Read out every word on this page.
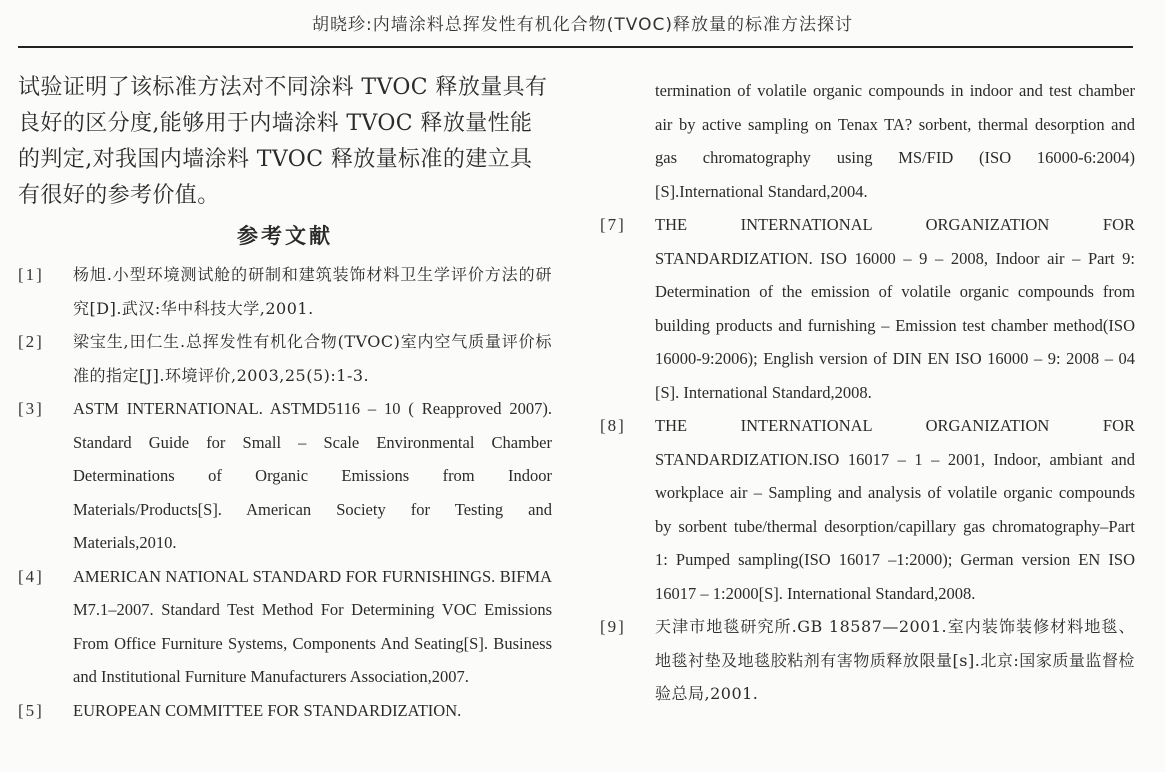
胡晓珍:内墙涂料总挥发性有机化合物(TVOC)释放量的标准方法探讨

试验证明了该标准方法对不同涂料 TVOC 释放量具有良好的区分度,能够用于内墙涂料 TVOC 释放量性能的判定,对我国内墙涂料 TVOC 释放量标准的建立具有很好的参考价值。

参考文献
[1]	杨旭.小型环境测试舱的研制和建筑装饰材料卫生学评价方法的研究[D].武汉:华中科技大学,2001.
[2]	梁宝生,田仁生.总挥发性有机化合物(TVOC)室内空气质量评价标准的指定[J].环境评价,2003,25(5):1-3.
[3]	ASTM INTERNATIONAL. ASTMD5116 – 10 ( Reapproved 2007). Standard Guide for Small – Scale Environmental Chamber Determinations of Organic Emissions from Indoor Materials/Products[S]. American Society for Testing and Materials,2010.
[4]	AMERICAN NATIONAL STANDARD FOR FURNISHINGS. BIFMA M7.1–2007. Standard Test Method For Determining VOC Emissions From Office Furniture Systems, Components And Seating[S]. Business and Institutional Furniture Manufacturers Association,2007.
[5]	EUROPEAN COMMITTEE FOR STANDARDIZATION.
termination of volatile organic compounds in indoor and test chamber air by active sampling on Tenax TA? sorbent, thermal desorption and gas chromatography using MS/FID (ISO 16000-6:2004)[S].International Standard,2004.
[7]	THE INTERNATIONAL ORGANIZATION FOR STANDARDIZATION. ISO 16000 – 9 – 2008, Indoor air – Part 9: Determination of the emission of volatile organic compounds from building products and furnishing – Emission test chamber method(ISO 16000-9:2006); English version of DIN EN ISO 16000 – 9: 2008 – 04 [S]. International Standard,2008.
[8]	THE INTERNATIONAL ORGANIZATION FOR STANDARDIZATION.ISO 16017 – 1 – 2001, Indoor, ambiant and workplace air – Sampling and analysis of volatile organic compounds by sorbent tube/thermal desorption/capillary gas chromatography–Part 1: Pumped sampling(ISO 16017 –1:2000); German version EN ISO 16017 – 1:2000[S]. International Standard,2008.
[9]	天津市地毯研究所.GB 18587—2001.室内装饰装修材料地毯、地毯衬垫及地毯胶粘剂有害物质释放限量[s].北京:国家质量监督检验总局,2001.
